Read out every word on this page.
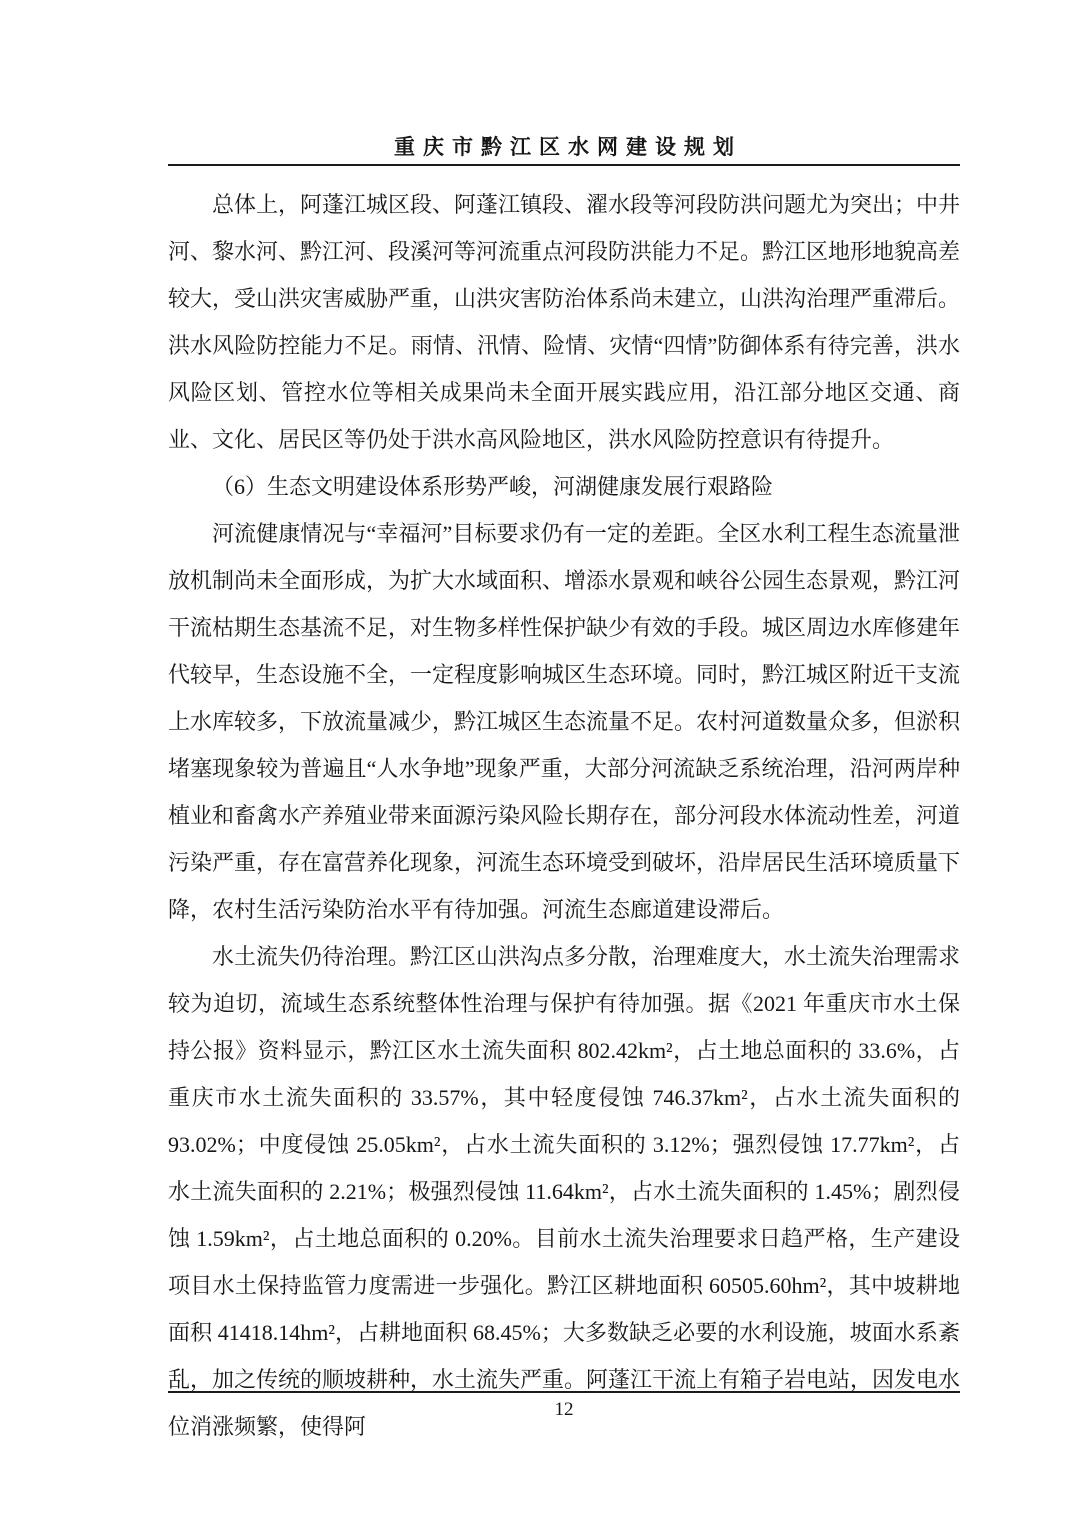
重庆市黔江区水网建设规划

总体上，阿蓬江城区段、阿蓬江镇段、濯水段等河段防洪问题尤为突出；中井河、黎水河、黔江河、段溪河等河流重点河段防洪能力不足。黔江区地形地貌高差较大，受山洪灾害威胁严重，山洪灾害防治体系尚未建立，山洪沟治理严重滞后。洪水风险防控能力不足。雨情、汛情、险情、灾情“四情”防御体系有待完善，洪水风险区划、管控水位等相关成果尚未全面开展实践应用，沿江部分地区交通、商业、文化、居民区等仍处于洪水高风险地区，洪水风险防控意识有待提升。

（6）生态文明建设体系形势严峻，河湖健康发展行艰路险

河流健康情况与“幸福河”目标要求仍有一定的差距。全区水利工程生态流量泄放机制尚未全面形成，为扩大水域面积、增添水景观和峡谷公园生态景观，黔江河干流枯期生态基流不足，对生物多样性保护缺少有效的手段。城区周边水库修建年代较早，生态设施不全，一定程度影响城区生态环境。同时，黔江城区附近干支流上水库较多，下放流量减少，黔江城区生态流量不足。农村河道数量众多，但淤积堵塞现象较为普遍且“人水争地”现象严重，大部分河流缺乏系统治理，沿河两岸种植业和畜禽水产养殖业带来面源污染风险长期存在，部分河段水体流动性差，河道污染严重，存在富营养化现象，河流生态环境受到破坏，沿岸居民生活环境质量下降，农村生活污染防治水平有待加强。河流生态廊道建设滞后。

水土流失仍待治理。黔江区山洪沟点多分散，治理难度大，水土流失治理需求较为迫切，流域生态系统整体性治理与保护有待加强。据《2021 年重庆市水土保持公报》资料显示，黔江区水土流失面积 802.42km²，占土地总面积的 33.6%，占重庆市水土流失面积的 33.57%，其中轻度侵蚀 746.37km²，占水土流失面积的 93.02%；中度侵蚀 25.05km²，占水土流失面积的 3.12%；强烈侵蚀 17.77km²，占水土流失面积的 2.21%；极强烈侵蚀 11.64km²，占水土流失面积的 1.45%；剧烈侵蚀 1.59km²，占土地总面积的 0.20%。目前水土流失治理要求日趋严格，生产建设项目水土保持监管力度需进一步强化。黔江区耕地面积 60505.60hm²，其中坡耕地面积 41418.14hm²，占耕地面积 68.45%；大多数缺乏必要的水利设施，坡面水系紊乱，加之传统的顺坡耕种，水土流失严重。阿蓬江干流上有箱子岩电站，因发电水位消涨频繁，使得阿

12
